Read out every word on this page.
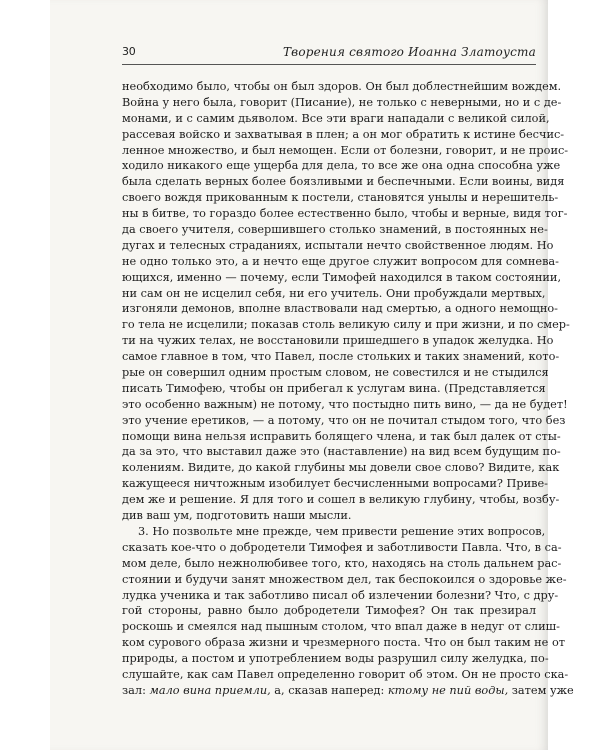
30	Творения святого Иоанна Златоуста
необходимо было, чтобы он был здоров. Он был доблестнейшим вождем.
Война у него была, говорит (Писание), не только с неверными, но и с де-
монами, и с самим дьяволом. Все эти враги нападали с великой силой,
рассевая войско и захватывая в плен; а он мог обратить к истине бесчис-
ленное множество, и был немощен. Если от болезни, говорит, и не проис-
ходило никакого еще ущерба для дела, то все же она одна способна уже
была сделать верных более боязливыми и беспечными. Если воины, видя
своего вождя прикованным к постели, становятся унылы и нерешитель-
ны в битве, то гораздо более естественно было, чтобы и верные, видя тог-
да своего учителя, совершившего столько знамений, в постоянных не-
дугах и телесных страданиях, испытали нечто свойственное людям. Но
не одно только это, а и нечто еще другое служит вопросом для сомнева-
ющихся, именно — почему, если Тимофей находился в таком состоянии,
ни сам он не исцелил себя, ни его учитель. Они пробуждали мертвых,
изгоняли демонов, вполне властвовали над смертью, а одного немощно-
го тела не исцелили; показав столь великую силу и при жизни, и по смер-
ти на чужих телах, не восстановили пришедшего в упадок желудка. Но
самое главное в том, что Павел, после стольких и таких знамений, кото-
рые он совершил одним простым словом, не совестился и не стыдился
писать Тимофею, чтобы он прибегал к услугам вина. (Представляется
это особенно важным) не потому, что постыдно пить вино, — да не будет!
это учение еретиков, — а потому, что он не почитал стыдом того, что без
помощи вина нельзя исправить болящего члена, и так был далек от сты-
да за это, что выставил даже это (наставление) на вид всем будущим по-
колениям. Видите, до какой глубины мы довели свое слово? Видите, как
кажущееся ничтожным изобилует бесчисленными вопросами? Приве-
дем же и решение. Я для того и сошел в великую глубину, чтобы, возбу-
див ваш ум, подготовить наши мысли.
3. Но позвольте мне прежде, чем привести решение этих вопросов,
сказать кое-что о добродетели Тимофея и заботливости Павла. Что, в са-
мом деле, было нежнолюбивее того, кто, находясь на столь дальнем рас-
стоянии и будучи занят множеством дел, так беспокоился о здоровье же-
лудка ученика и так заботливо писал об излечении болезни? Что, с дру-
гой стороны, равно было добродетели Тимофея? Он так презирал
роскошь и смеялся над пышным столом, что впал даже в недуг от слиш-
ком сурового образа жизни и чрезмерного поста. Что он был таким не от
природы, а постом и употреблением воды разрушил силу желудка, по-
слушайте, как сам Павел определенно говорит об этом. Он не просто ска-
зал: мало вина приемли, а, сказав наперед: ктому не пий воды, затем уже
